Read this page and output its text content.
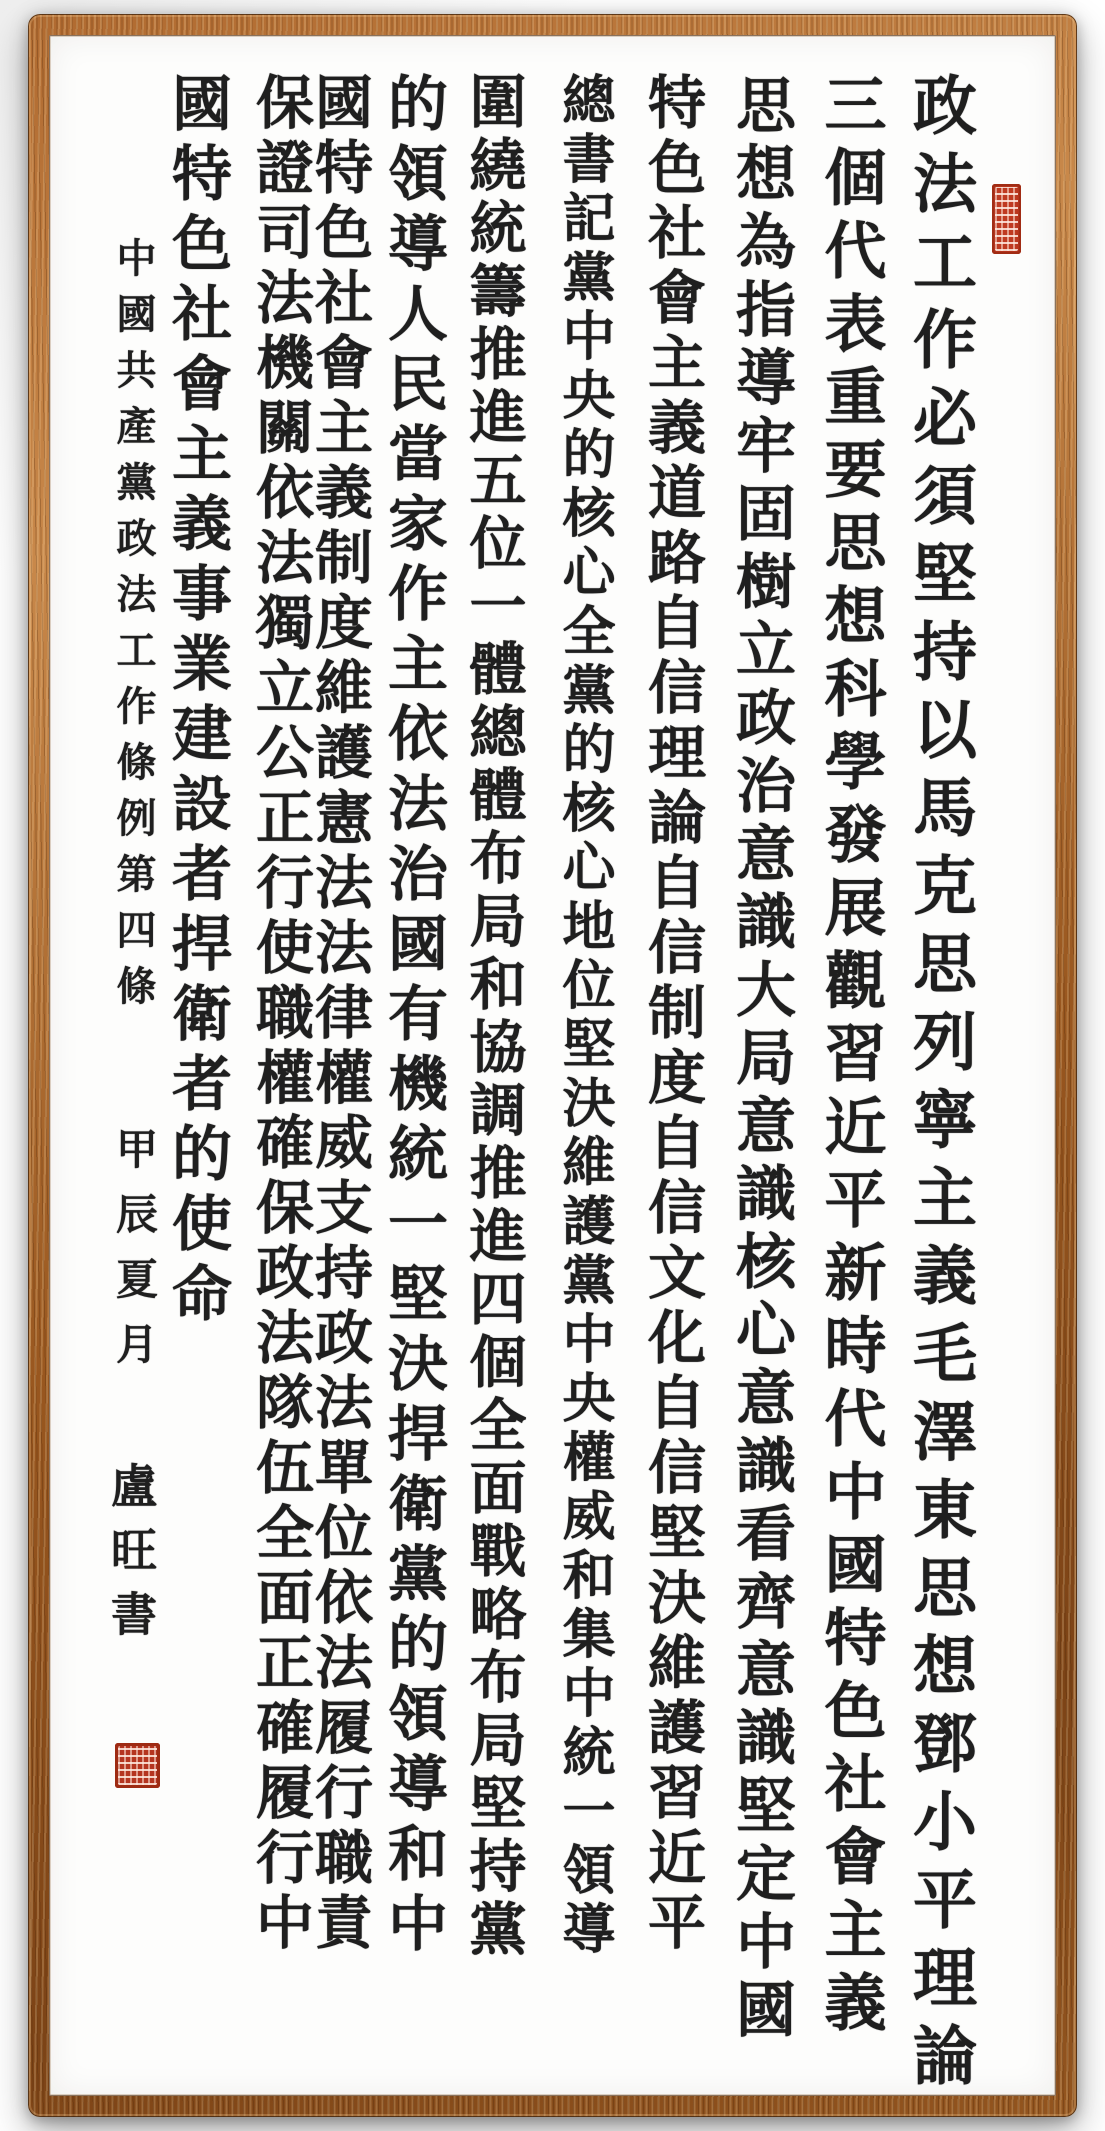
政法工作必須堅持以馬克思列寧主義毛澤東思想鄧小平理論
三個代表重要思想科學發展觀習近平新時代中國特色社會主義
思想為指導牢固樹立政治意識大局意識核心意識看齊意識堅定中國
特色社會主義道路自信理論自信制度自信文化自信堅決維護習近平
總書記黨中央的核心全黨的核心地位堅決維護黨中央權威和集中統一領導
圍繞統籌推進五位一體總體布局和協調推進四個全面戰略布局堅持黨
的領導人民當家作主依法治國有機統一堅決捍衛黨的領導和中
國特色社會主義制度維護憲法法律權威支持政法單位依法履行職責
保證司法機關依法獨立公正行使職權確保政法隊伍全面正確履行中
國特色社會主義事業建設者捍衛者的使命
中國共產黨政法工作條例第四條
甲辰夏月
盧旺書
